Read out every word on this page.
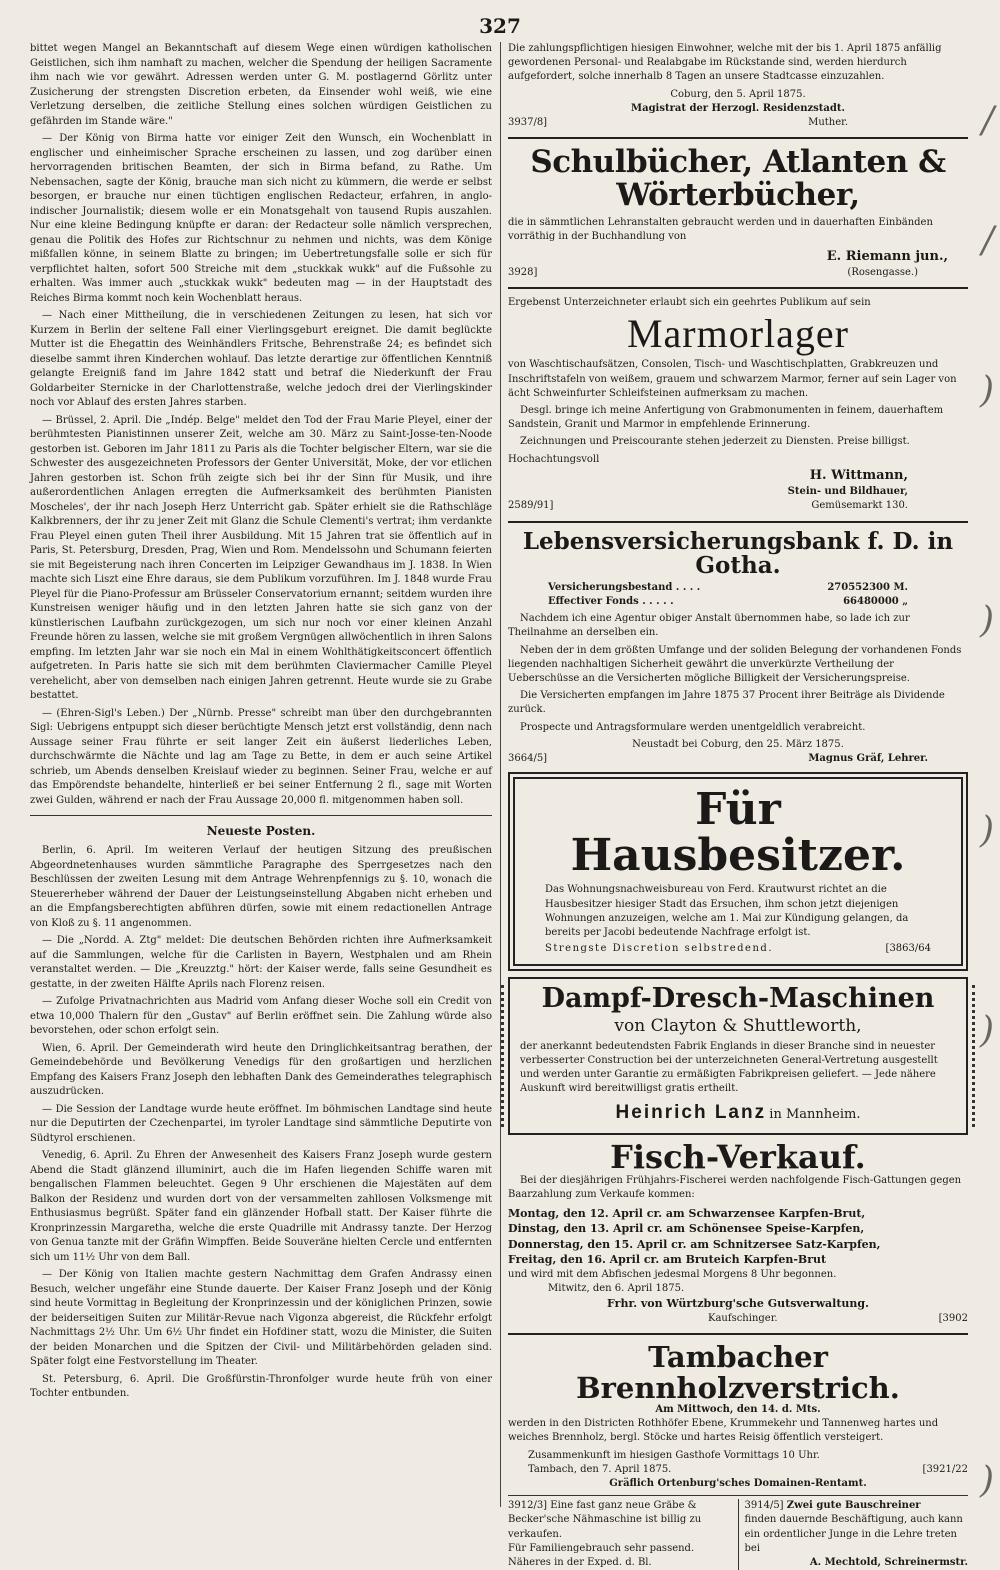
327

bittet wegen Mangel an Bekanntschaft auf diesem Wege einen würdigen katholischen Geistlichen, sich ihm namhaft zu machen, welcher die Spendung der heiligen Sacramente ihm nach wie vor gewährt. Adressen werden unter G. M. postlagernd Görlitz unter Zusicherung der strengsten Discretion erbeten, da Einsender wohl weiß, wie eine Verletzung derselben, die zeitliche Stellung eines solchen würdigen Geistlichen zu gefährden im Stande wäre."

— Der König von Birma hatte vor einiger Zeit den Wunsch, ein Wochenblatt in englischer und einheimischer Sprache erscheinen zu lassen, und zog darüber einen hervorragenden britischen Beamten, der sich in Birma befand, zu Rathe. Um Nebensachen, sagte der König, brauche man sich nicht zu kümmern, die werde er selbst besorgen, er brauche nur einen tüchtigen englischen Redacteur, erfahren, in anglo-indischer Journalistik; diesem wolle er ein Monatsgehalt von tausend Rupis auszahlen. Nur eine kleine Bedingung knüpfte er daran: der Redacteur solle nämlich versprechen, genau die Politik des Hofes zur Richtschnur zu nehmen und nichts, was dem Könige mißfallen könne, in seinem Blatte zu bringen; im Uebertretungsfalle solle er sich für verpflichtet halten, sofort 500 Streiche mit dem „stuckkak wukk" auf die Fußsohle zu erhalten. Was immer auch „stuckkak wukk" bedeuten mag — in der Hauptstadt des Reiches Birma kommt noch kein Wochenblatt heraus.

— Nach einer Mittheilung, die in verschiedenen Zeitungen zu lesen, hat sich vor Kurzem in Berlin der seltene Fall einer Vierlingsgeburt ereignet. Die damit beglückte Mutter ist die Ehegattin des Weinhändlers Fritsche, Behrenstraße 24; es befindet sich dieselbe sammt ihren Kinderchen wohlauf. Das letzte derartige zur öffentlichen Kenntniß gelangte Ereigniß fand im Jahre 1842 statt und betraf die Niederkunft der Frau Goldarbeiter Sternicke in der Charlottenstraße, welche jedoch drei der Vierlingskinder noch vor Ablauf des ersten Jahres starben.

— Brüssel, 2. April. Die „Indép. Belge" meldet den Tod der Frau Marie Pleyel, einer der berühmtesten Pianistinnen unserer Zeit, welche am 30. März zu Saint-Josse-ten-Noode gestorben ist. Geboren im Jahr 1811 zu Paris als die Tochter belgischer Eltern, war sie die Schwester des ausgezeichneten Professors der Genter Universität, Moke, der vor etlichen Jahren gestorben ist. Schon früh zeigte sich bei ihr der Sinn für Musik, und ihre außerordentlichen Anlagen erregten die Aufmerksamkeit des berühmten Pianisten Moscheles', der ihr nach Joseph Herz Unterricht gab. Später erhielt sie die Rathschläge Kalkbrenners, der ihr zu jener Zeit mit Glanz die Schule Clementi's vertrat; ihm verdankte Frau Pleyel einen guten Theil ihrer Ausbildung. Mit 15 Jahren trat sie öffentlich auf in Paris, St. Petersburg, Dresden, Prag, Wien und Rom. Mendelssohn und Schumann feierten sie mit Begeisterung nach ihren Concerten im Leipziger Gewandhaus im J. 1838. In Wien machte sich Liszt eine Ehre daraus, sie dem Publikum vorzuführen. Im J. 1848 wurde Frau Pleyel für die Piano-Professur am Brüsseler Conservatorium ernannt; seitdem wurden ihre Kunstreisen weniger häufig und in den letzten Jahren hatte sie sich ganz von der künstlerischen Laufbahn zurückgezogen, um sich nur noch vor einer kleinen Anzahl Freunde hören zu lassen, welche sie mit großem Vergnügen allwöchentlich in ihren Salons empfing. Im letzten Jahr war sie noch ein Mal in einem Wohlthätigkeitsconcert öffentlich aufgetreten. In Paris hatte sie sich mit dem berühmten Claviermacher Camille Pleyel verehelicht, aber von demselben nach einigen Jahren getrennt. Heute wurde sie zu Grabe bestattet.

— (Ehren-Sigl's Leben.) Der „Nürnb. Presse" schreibt man über den durchgebrannten Sigl: Uebrigens entpuppt sich dieser berüchtigte Mensch jetzt erst vollständig, denn nach Aussage seiner Frau führte er seit langer Zeit ein äußerst liederliches Leben, durchschwärmte die Nächte und lag am Tage zu Bette, in dem er auch seine Artikel schrieb, um Abends denselben Kreislauf wieder zu beginnen. Seiner Frau, welche er auf das Empörendste behandelte, hinterließ er bei seiner Entfernung 2 fl., sage mit Worten zwei Gulden, während er nach der Frau Aussage 20,000 fl. mitgenommen haben soll.

Neueste Posten.

Berlin, 6. April. Im weiteren Verlauf der heutigen Sitzung des preußischen Abgeordnetenhauses wurden sämmtliche Paragraphe des Sperrgesetzes nach den Beschlüssen der zweiten Lesung mit dem Antrage Wehrenpfennigs zu §. 10, wonach die Steuererheber während der Dauer der Leistungseinstellung Abgaben nicht erheben und an die Empfangsberechtigten abführen dürfen, sowie mit einem redactionellen Antrage von Kloß zu §. 11 angenommen.

— Die „Nordd. A. Ztg" meldet: Die deutschen Behörden richten ihre Aufmerksamkeit auf die Sammlungen, welche für die Carlisten in Bayern, Westphalen und am Rhein veranstaltet werden. — Die „Kreuzztg." hört: der Kaiser werde, falls seine Gesundheit es gestatte, in der zweiten Hälfte Aprils nach Florenz reisen.

— Zufolge Privatnachrichten aus Madrid vom Anfang dieser Woche soll ein Credit von etwa 10,000 Thalern für den „Gustav" auf Berlin eröffnet sein. Die Zahlung würde also bevorstehen, oder schon erfolgt sein.

Wien, 6. April. Der Gemeinderath wird heute den Dringlichkeitsantrag berathen, der Gemeindebehörde und Bevölkerung Venedigs für den großartigen und herzlichen Empfang des Kaisers Franz Joseph den lebhaften Dank des Gemeinderathes telegraphisch auszudrücken.

— Die Session der Landtage wurde heute eröffnet. Im böhmischen Landtage sind heute nur die Deputirten der Czechenpartei, im tyroler Landtage sind sämmtliche Deputirte von Südtyrol erschienen.

Venedig, 6. April. Zu Ehren der Anwesenheit des Kaisers Franz Joseph wurde gestern Abend die Stadt glänzend illuminirt, auch die im Hafen liegenden Schiffe waren mit bengalischen Flammen beleuchtet. Gegen 9 Uhr erschienen die Majestäten auf dem Balkon der Residenz und wurden dort von der versammelten zahllosen Volksmenge mit Enthusiasmus begrüßt. Später fand ein glänzender Hofball statt. Der Kaiser führte die Kronprinzessin Margaretha, welche die erste Quadrille mit Andrassy tanzte. Der Herzog von Genua tanzte mit der Gräfin Wimpffen. Beide Souveräne hielten Cercle und entfernten sich um 11½ Uhr von dem Ball.

— Der König von Italien machte gestern Nachmittag dem Grafen Andrassy einen Besuch, welcher ungefähr eine Stunde dauerte. Der Kaiser Franz Joseph und der König sind heute Vormittag in Begleitung der Kronprinzessin und der königlichen Prinzen, sowie der beiderseitigen Suiten zur Militär-Revue nach Vigonza abgereist, die Rückfehr erfolgt Nachmittags 2½ Uhr. Um 6½ Uhr findet ein Hofdiner statt, wozu die Minister, die Suiten der beiden Monarchen und die Spitzen der Civil- und Militärbehörden geladen sind. Später folgt eine Festvorstellung im Theater.

St. Petersburg, 6. April. Die Großfürstin-Thronfolger wurde heute früh von einer Tochter entbunden.

Die zahlungspflichtigen hiesigen Einwohner, welche mit der bis 1. April 1875 anfällig gewordenen Personal- und Realabgabe im Rückstande sind, werden hierdurch aufgefordert, solche innerhalb 8 Tagen an unsere Stadtcasse einzuzahlen.

Coburg, den 5. April 1875.
Magistrat der Herzogl. Residenzstadt.
3937/8]	Muther.
Schulbücher, Atlanten & Wörterbücher,

die in sämmtlichen Lehranstalten gebraucht werden und in dauerhaften Einbänden vorräthig in der Buchhandlung von

E. Riemann jun.,
3928]	(Rosengasse.)

Ergebenst Unterzeichneter erlaubt sich ein geehrtes Publikum auf sein

Marmorlager

von Waschtischaufsätzen, Consolen, Tisch- und Waschtischplatten, Grabkreuzen und Inschriftstafeln von weißem, grauem und schwarzem Marmor, ferner auf sein Lager von ächt Schweinfurter Schleifsteinen aufmerksam zu machen.

Desgl. bringe ich meine Anfertigung von Grabmonumenten in feinem, dauerhaftem Sandstein, Granit und Marmor in empfehlende Erinnerung.

Zeichnungen und Preiscourante stehen jederzeit zu Diensten. Preise billigst.

Hochachtungsvoll
H. Wittmann,
Stein- und Bildhauer,
2589/91]	Gemüsemarkt 130.
Lebensversicherungsbank f. D. in Gotha.
Versicherungsbestand . . . .	270552300 M.
Effectiver Fonds . . . . .	66480000 „

Nachdem ich eine Agentur obiger Anstalt übernommen habe, so lade ich zur Theilnahme an derselben ein.

Neben der in dem größten Umfange und der soliden Belegung der vorhandenen Fonds liegenden nachhaltigen Sicherheit gewährt die unverkürzte Vertheilung der Ueberschüsse an die Versicherten mögliche Billigkeit der Versicherungspreise.

Die Versicherten empfangen im Jahre 1875 37 Procent ihrer Beiträge als Dividende zurück.

Prospecte und Antragsformulare werden unentgeldlich verabreicht.

Neustadt bei Coburg, den 25. März 1875.
3664/5]	Magnus Gräf, Lehrer.
Für Hausbesitzer.

Das Wohnungsnachweisbureau von Ferd. Krautwurst richtet an die Hausbesitzer hiesiger Stadt das Ersuchen, ihm schon jetzt diejenigen Wohnungen anzuzeigen, welche am 1. Mai zur Kündigung gelangen, da bereits per Jacobi bedeutende Nachfrage erfolgt ist.

Strengste Discretion selbstredend.	[3863/64
Dampf-Dresch-Maschinen
von Clayton & Shuttleworth,

der anerkannt bedeutendsten Fabrik Englands in dieser Branche sind in neuester verbesserter Construction bei der unterzeichneten General-Vertretung ausgestellt und werden unter Garantie zu ermäßigten Fabrikpreisen geliefert. — Jede nähere Auskunft wird bereitwilligst gratis ertheilt.

Heinrich Lanz in Mannheim.
Fisch-Verkauf.

Bei der diesjährigen Frühjahrs-Fischerei werden nachfolgende Fisch-Gattungen gegen Baarzahlung zum Verkaufe kommen:

Montag, den 12. April cr. am Schwarzensee Karpfen-Brut,
Dinstag, den 13. April cr. am Schönensee Speise-Karpfen,
Donnerstag, den 15. April cr. am Schnitzersee Satz-Karpfen,
Freitag, den 16. April cr. am Bruteich Karpfen-Brut
und wird mit dem Abfischen jedesmal Morgens 8 Uhr begonnen.
Mitwitz, den 6. April 1875.
Frhr. von Würtzburg'sche Gutsverwaltung.
Kaufschinger.	[3902
Tambacher Brennholzverstrich.
Am Mittwoch, den 14. d. Mts.

werden in den Districten Rothhöfer Ebene, Krummekehr und Tannenweg hartes und weiches Brennholz, bergl. Stöcke und hartes Reisig öffentlich versteigert.

Zusammenkunft im hiesigen Gasthofe Vormittags 10 Uhr.
Tambach, den 7. April 1875.	[3921/22
Gräflich Ortenburg'sches Domainen-Rentamt.
3912/3] Eine fast ganz neue Gräbe & Becker'sche Nähmaschine ist billig zu verkaufen.
Für Familiengebrauch sehr passend. Näheres in der Exped. d. Bl.
3914/5] Zwei gute Bauschreiner
finden dauernde Beschäftigung, auch kann ein ordentlicher Junge in die Lehre treten bei
A. Mechtold, Schreinermstr.
/
/
)
)
)
)
)
